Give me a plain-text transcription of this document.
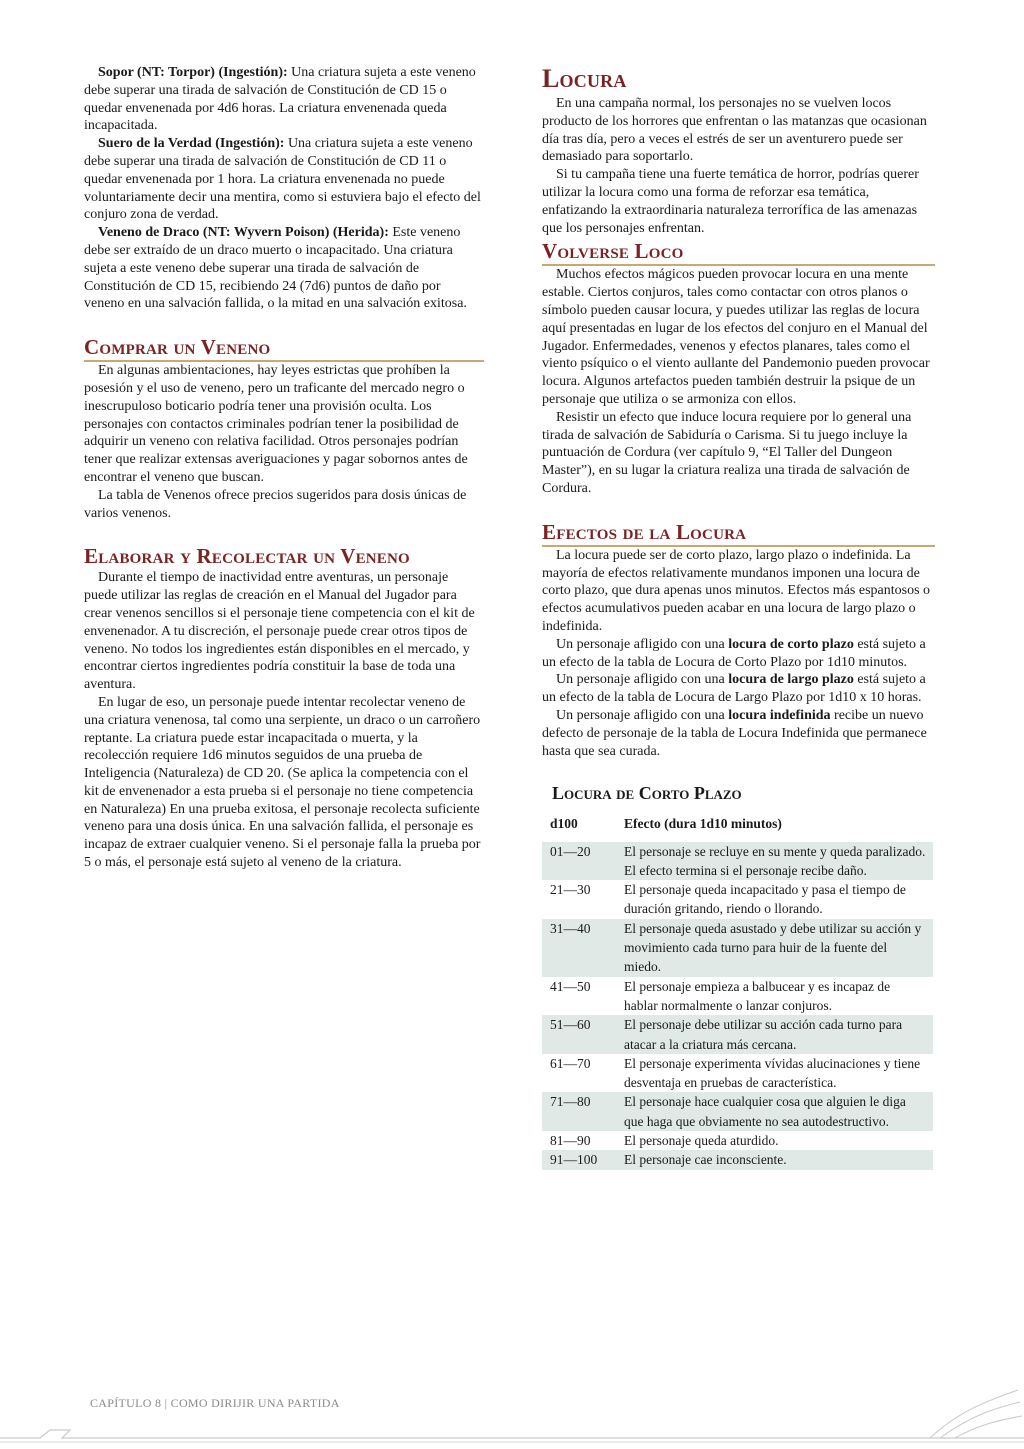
Sopor (NT: Torpor) (Ingestión): Una criatura sujeta a este veneno debe superar una tirada de salvación de Constitución de CD 15 o quedar envenenada por 4d6 horas. La criatura envenenada queda incapacitada.

Suero de la Verdad (Ingestión): Una criatura sujeta a este veneno debe superar una tirada de salvación de Constitución de CD 11 o quedar envenenada por 1 hora. La criatura envenenada no puede voluntariamente decir una mentira, como si estuviera bajo el efecto del conjuro zona de verdad.

Veneno de Draco (NT: Wyvern Poison) (Herida): Este veneno debe ser extraído de un draco muerto o incapacitado. Una criatura sujeta a este veneno debe superar una tirada de salvación de Constitución de CD 15, recibiendo 24 (7d6) puntos de daño por veneno en una salvación fallida, o la mitad en una salvación exitosa.

Comprar un Veneno

En algunas ambientaciones, hay leyes estrictas que prohíben la posesión y el uso de veneno, pero un traficante del mercado negro o inescrupuloso boticario podría tener una provisión oculta. Los personajes con contactos criminales podrían tener la posibilidad de adquirir un veneno con relativa facilidad. Otros personajes podrían tener que realizar extensas averiguaciones y pagar sobornos antes de encontrar el veneno que buscan.

La tabla de Venenos ofrece precios sugeridos para dosis únicas de varios venenos.

Elaborar y Recolectar un Veneno

Durante el tiempo de inactividad entre aventuras, un personaje puede utilizar las reglas de creación en el Manual del Jugador para crear venenos sencillos si el personaje tiene competencia con el kit de envenenador. A tu discreción, el personaje puede crear otros tipos de veneno. No todos los ingredientes están disponibles en el mercado, y encontrar ciertos ingredientes podría constituir la base de toda una aventura.

En lugar de eso, un personaje puede intentar recolectar veneno de una criatura venenosa, tal como una serpiente, un draco o un carroñero reptante. La criatura puede estar incapacitada o muerta, y la recolección requiere 1d6 minutos seguidos de una prueba de Inteligencia (Naturaleza) de CD 20. (Se aplica la competencia con el kit de envenenador a esta prueba si el personaje no tiene competencia en Naturaleza) En una prueba exitosa, el personaje recolecta suficiente veneno para una dosis única. En una salvación fallida, el personaje es incapaz de extraer cualquier veneno. Si el personaje falla la prueba por 5 o más, el personaje está sujeto al veneno de la criatura.

Locura

En una campaña normal, los personajes no se vuelven locos producto de los horrores que enfrentan o las matanzas que ocasionan día tras día, pero a veces el estrés de ser un aventurero puede ser demasiado para soportarlo.

Si tu campaña tiene una fuerte temática de horror, podrías querer utilizar la locura como una forma de reforzar esa temática, enfatizando la extraordinaria naturaleza terrorífica de las amenazas que los personajes enfrentan.

Volverse Loco

Muchos efectos mágicos pueden provocar locura en una mente estable. Ciertos conjuros, tales como contactar con otros planos o símbolo pueden causar locura, y puedes utilizar las reglas de locura aquí presentadas en lugar de los efectos del conjuro en el Manual del Jugador. Enfermedades, venenos y efectos planares, tales como el viento psíquico o el viento aullante del Pandemonio pueden provocar locura. Algunos artefactos pueden también destruir la psique de un personaje que utiliza o se armoniza con ellos.

Resistir un efecto que induce locura requiere por lo general una tirada de salvación de Sabiduría o Carisma. Si tu juego incluye la puntuación de Cordura (ver capítulo 9, “El Taller del Dungeon Master”), en su lugar la criatura realiza una tirada de salvación de Cordura.

Efectos de la Locura

La locura puede ser de corto plazo, largo plazo o indefinida. La mayoría de efectos relativamente mundanos imponen una locura de corto plazo, que dura apenas unos minutos. Efectos más espantosos o efectos acumulativos pueden acabar en una locura de largo plazo o indefinida.

Un personaje afligido con una locura de corto plazo está sujeto a un efecto de la tabla de Locura de Corto Plazo por 1d10 minutos.

Un personaje afligido con una locura de largo plazo está sujeto a un efecto de la tabla de Locura de Largo Plazo por 1d10 x 10 horas.

Un personaje afligido con una locura indefinida recibe un nuevo defecto de personaje de la tabla de Locura Indefinida que permanece hasta que sea curada.

Locura de Corto Plazo
d100	Efecto (dura 1d10 minutos)
01—20	El personaje se recluye en su mente y queda paralizado. El efecto termina si el personaje recibe daño.
21—30	El personaje queda incapacitado y pasa el tiempo de duración gritando, riendo o llorando.
31—40	El personaje queda asustado y debe utilizar su acción y movimiento cada turno para huir de la fuente del miedo.
41—50	El personaje empieza a balbucear y es incapaz de hablar normalmente o lanzar conjuros.
51—60	El personaje debe utilizar su acción cada turno para atacar a la criatura más cercana.
61—70	El personaje experimenta vívidas alucinaciones y tiene desventaja en pruebas de característica.
71—80	El personaje hace cualquier cosa que alguien le diga que haga que obviamente no sea autodestructivo.
81—90	El personaje queda aturdido.
91—100	El personaje cae inconsciente.
CAPÍTULO 8 | COMO DIRIJIR UNA PARTIDA
